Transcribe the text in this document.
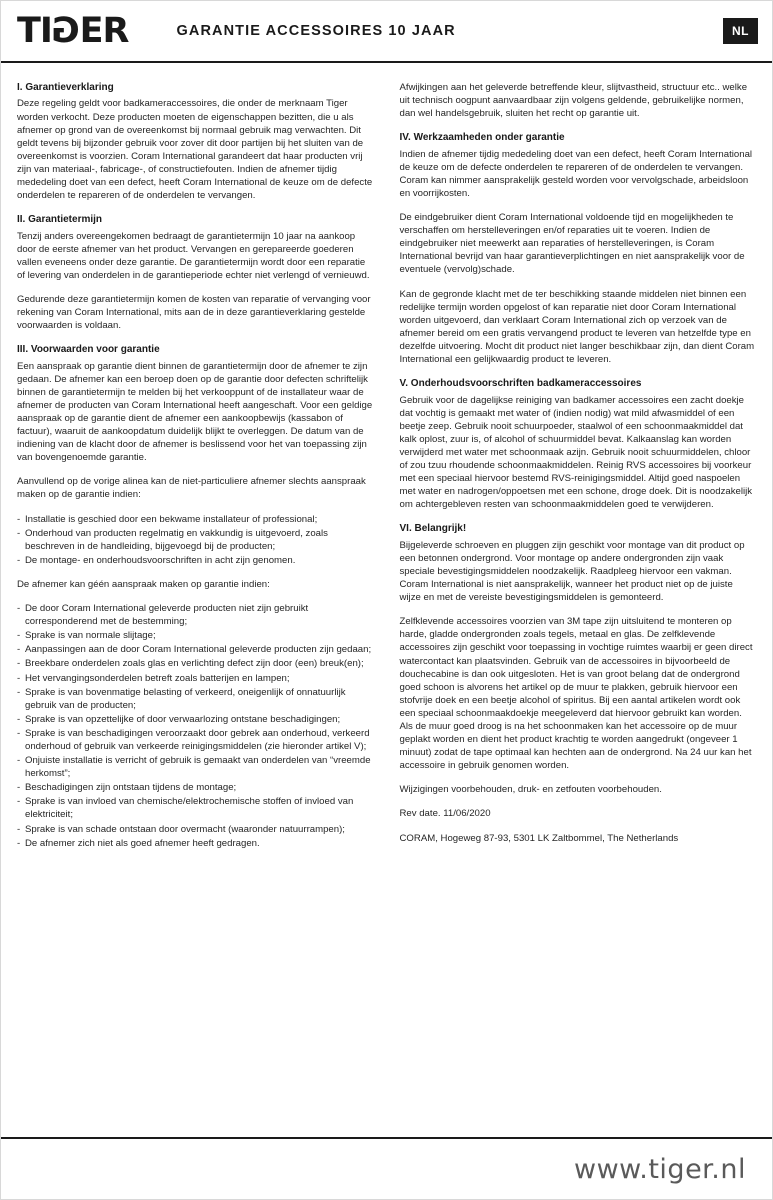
TI G ER	GARANTIE ACCESSOIRES 10 JAAR	NL
I. Garantieverklaring

Deze regeling geldt voor badkameraccessoires, die onder de merknaam Tiger worden verkocht. Deze producten moeten de eigenschappen bezitten, die u als afnemer op grond van de overeenkomst bij normaal gebruik mag verwachten. Dit geldt tevens bij bijzonder gebruik voor zover dit door partijen bij het sluiten van de overeenkomst is voorzien. Coram International garandeert dat haar producten vrij zijn van materiaal-, fabricage-, of constructiefouten. Indien de afnemer tijdig mededeling doet van een defect, heeft Coram International de keuze om de defecte onderdelen te repareren of de onderdelen te vervangen.

II. Garantietermijn

Tenzij anders overeengekomen bedraagt de garantietermijn 10 jaar na aankoop door de eerste afnemer van het product. Vervangen en gerepareerde goederen vallen eveneens onder deze garantie. De garantietermijn wordt door een reparatie of levering van onderdelen in de garantieperiode echter niet verlengd of vernieuwd.

Gedurende deze garantietermijn komen de kosten van reparatie of vervanging voor rekening van Coram International, mits aan de in deze garantieverklaring gestelde voorwaarden is voldaan.

III. Voorwaarden voor garantie

Een aanspraak op garantie dient binnen de garantietermijn door de afnemer te zijn gedaan. De afnemer kan een beroep doen op de garantie door defecten schriftelijk binnen de garantietermijn te melden bij het verkooppunt of de installateur waar de afnemer de producten van Coram International heeft aangeschaft. Voor een geldige aanspraak op de garantie dient de afnemer een aankoopbewijs (kassabon of factuur), waaruit de aankoopdatum duidelijk blijkt te overleggen. De datum van de indiening van de klacht door de afnemer is beslissend voor het van toepassing zijn van bovengenoemde garantie.

Aanvullend op de vorige alinea kan de niet-particuliere afnemer slechts aanspraak maken op de garantie indien:

- Installatie is geschied door een bekwame installateur of professional;
- Onderhoud van producten regelmatig en vakkundig is uitgevoerd, zoals beschreven in de handleiding, bijgevoegd bij de producten;
- De montage- en onderhoudsvoorschriften in acht zijn genomen.

De afnemer kan géén aanspraak maken op garantie indien:

- De door Coram International geleverde producten niet zijn gebruikt corresponderend met de bestemming;
- Sprake is van normale slijtage;
- Aanpassingen aan de door Coram International geleverde producten zijn gedaan;
- Breekbare onderdelen zoals glas en verlichting defect zijn door (een) breuk(en);
- Het vervangingsonderdelen betreft zoals batterijen en lampen;
- Sprake is van bovenmatige belasting of verkeerd, oneigenlijk of onnatuurlijk gebruik van de producten;
- Sprake is van opzettelijke of door verwaarlozing ontstane beschadigingen;
- Sprake is van beschadigingen veroorzaakt door gebrek aan onderhoud, verkeerd onderhoud of gebruik van verkeerde reinigingsmiddelen (zie hieronder artikel V);
- Onjuiste installatie is verricht of gebruik is gemaakt van onderdelen van “vreemde herkomst”;
- Beschadigingen zijn ontstaan tijdens de montage;
- Sprake is van invloed van chemische/elektrochemische stoffen of invloed van elektriciteit;
- Sprake is van schade ontstaan door overmacht (waaronder natuurrampen);
- De afnemer zich niet als goed afnemer heeft gedragen.

Afwijkingen aan het geleverde betreffende kleur, slijtvastheid, structuur etc.. welke uit technisch oogpunt aanvaardbaar zijn volgens geldende, gebruikelijke normen, dan wel handelsgebruik, sluiten het recht op garantie uit.

IV. Werkzaamheden onder garantie

Indien de afnemer tijdig mededeling doet van een defect, heeft Coram International de keuze om de defecte onderdelen te repareren of de onderdelen te vervangen. Coram kan nimmer aansprakelijk gesteld worden voor vervolgschade, arbeidsloon en voorrijkosten.

De eindgebruiker dient Coram International voldoende tijd en mogelijkheden te verschaffen om herstelleveringen en/of reparaties uit te voeren. Indien de eindgebruiker niet meewerkt aan reparaties of herstelleveringen, is Coram International bevrijd van haar garantieverplichtingen en niet aansprakelijk voor de eventuele (vervolg)schade.

Kan de gegronde klacht met de ter beschikking staande middelen niet binnen een redelijke termijn worden opgelost of kan reparatie niet door Coram International worden uitgevoerd, dan verklaart Coram International zich op verzoek van de afnemer bereid om een gratis vervangend product te leveren van hetzelfde type en dezelfde uitvoering. Mocht dit product niet langer beschikbaar zijn, dan dient Coram International een gelijkwaardig product te leveren.

V. Onderhoudsvoorschriften badkameraccessoires

Gebruik voor de dagelijkse reiniging van badkamer accessoires een zacht doekje dat vochtig is gemaakt met water of (indien nodig) wat mild afwasmiddel of een beetje zeep. Gebruik nooit schuurpoeder, staalwol of een schoonmaakmiddel dat kalk oplost, zuur is, of alcohol of schuurmiddel bevat. Kalkaanslag kan worden verwijderd met water met schoonmaak azijn. Gebruik nooit schuurmiddelen, chloor of zou tzuu rhoudende schoonmaakmiddelen. Reinig RVS accessoires bij voorkeur met een speciaal hiervoor bestemd RVS-reinigingsmiddel. Altijd goed naspoelen met water en nadrogen/oppoetsen met een schone, droge doek. Dit is noodzakelijk om achtergebleven resten van schoonmaakmiddelen goed te verwijderen.

VI. Belangrijk!

Bijgeleverde schroeven en pluggen zijn geschikt voor montage van dit product op een betonnen ondergrond. Voor montage op andere ondergronden zijn vaak speciale bevestigingsmiddelen noodzakelijk. Raadpleeg hiervoor een vakman. Coram International is niet aansprakelijk, wanneer het product niet op de juiste wijze en met de vereiste bevestigingsmiddelen is gemonteerd.

Zelfklevende accessoires voorzien van 3M tape zijn uitsluitend te monteren op harde, gladde ondergronden zoals tegels, metaal en glas. De zelfklevende accessoires zijn geschikt voor toepassing in vochtige ruimtes waarbij er geen direct watercontact kan plaatsvinden. Gebruik van de accessoires in bijvoorbeeld de douchecabine is dan ook uitgesloten. Het is van groot belang dat de ondergrond goed schoon is alvorens het artikel op de muur te plakken, gebruik hiervoor een stofvrije doek en een beetje alcohol of spiritus. Bij een aantal artikelen wordt ook een speciaal schoonmaakdoekje meegeleverd dat hiervoor gebruikt kan worden. Als de muur goed droog is na het schoonmaken kan het accessoire op de muur geplakt worden en dient het product krachtig te worden aangedrukt (ongeveer 1 minuut) zodat de tape optimaal kan hechten aan de ondergrond. Na 24 uur kan het accessoire in gebruik genomen worden.

Wijzigingen voorbehouden, druk- en zetfouten voorbehouden.

Rev date. 11/06/2020

CORAM, Hogeweg 87-93, 5301 LK Zaltbommel, The Netherlands

www.tiger.nl
